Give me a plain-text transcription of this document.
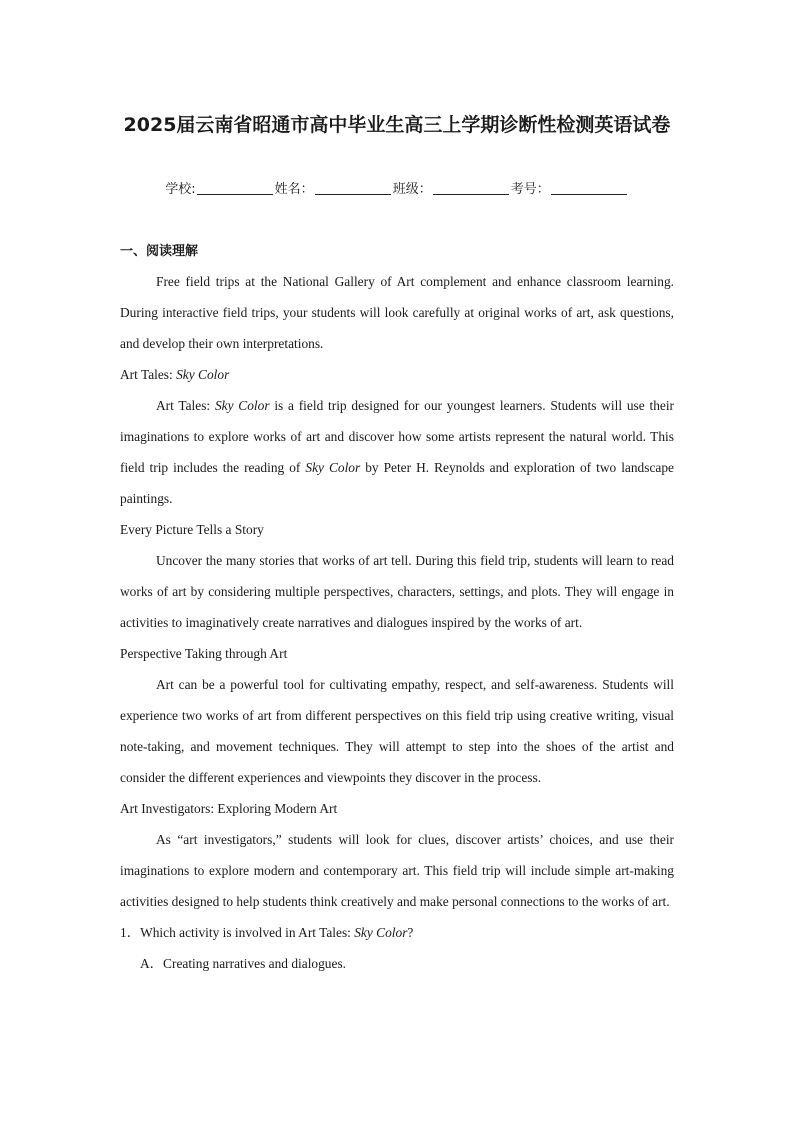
2025届云南省昭通市高中毕业生高三上学期诊断性检测英语试卷
学校:	姓名：	班级：	考号：
一、阅读理解

Free field trips at the National Gallery of Art complement and enhance classroom learning. During interactive field trips, your students will look carefully at original works of art, ask questions, and develop their own interpretations.

Art Tales: Sky Color

Art Tales: Sky Color is a field trip designed for our youngest learners. Students will use their imaginations to explore works of art and discover how some artists represent the natural world. This field trip includes the reading of Sky Color by Peter H. Reynolds and exploration of two landscape paintings.

Every Picture Tells a Story

Uncover the many stories that works of art tell. During this field trip, students will learn to read works of art by considering multiple perspectives, characters, settings, and plots. They will engage in activities to imaginatively create narratives and dialogues inspired by the works of art.

Perspective Taking through Art

Art can be a powerful tool for cultivating empathy, respect, and self-awareness. Students will experience two works of art from different perspectives on this field trip using creative writing, visual note-taking, and movement techniques. They will attempt to step into the shoes of the artist and consider the different experiences and viewpoints they discover in the process.

Art Investigators: Exploring Modern Art

As “art investigators,” students will look for clues, discover artists’ choices, and use their imaginations to explore modern and contemporary art. This field trip will include simple art-making activities designed to help students think creatively and make personal connections to the works of art.

1．Which activity is involved in Art Tales: Sky Color?

A．Creating narratives and dialogues.
